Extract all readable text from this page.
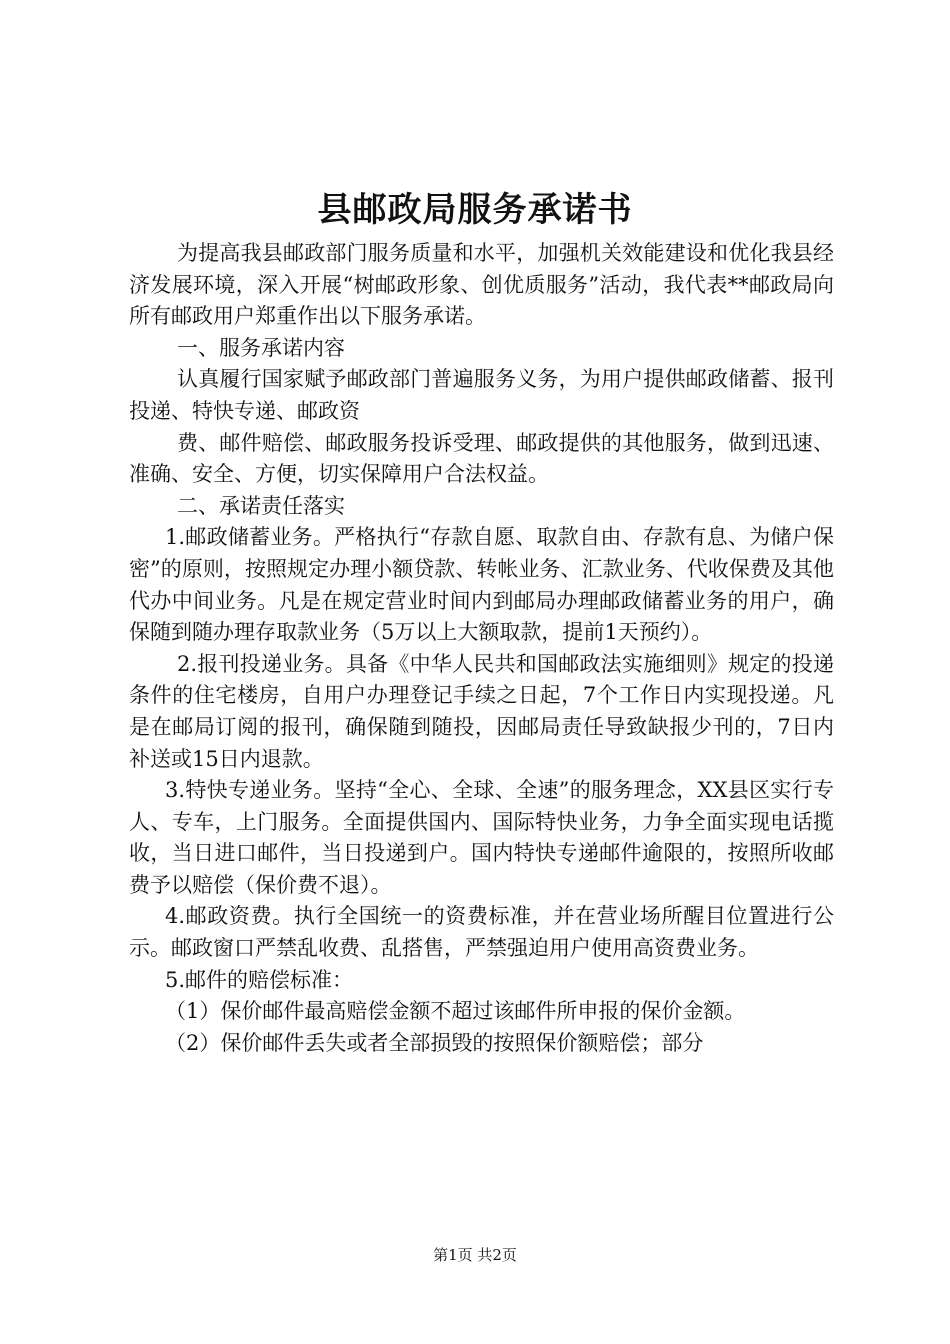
县邮政局服务承诺书

为提高我县邮政部门服务质量和水平，加强机关效能建设和优化我县经济发展环境，深入开展“树邮政形象、创优质服务”活动，我代表**邮政局向所有邮政用户郑重作出以下服务承诺。

一、服务承诺内容

认真履行国家赋予邮政部门普遍服务义务，为用户提供邮政储蓄、报刊投递、特快专递、邮政资

费、邮件赔偿、邮政服务投诉受理、邮政提供的其他服务，做到迅速、准确、安全、方便，切实保障用户合法权益。

二、承诺责任落实

1.邮政储蓄业务。严格执行“存款自愿、取款自由、存款有息、为储户保密”的原则，按照规定办理小额贷款、转帐业务、汇款业务、代收保费及其他代办中间业务。凡是在规定营业时间内到邮局办理邮政储蓄业务的用户，确保随到随办理存取款业务（5万以上大额取款，提前1天预约）。

2.报刊投递业务。具备《中华人民共和国邮政法实施细则》规定的投递条件的住宅楼房，自用户办理登记手续之日起，7个工作日内实现投递。凡是在邮局订阅的报刊，确保随到随投，因邮局责任导致缺报少刊的，7日内补送或15日内退款。

3.特快专递业务。坚持“全心、全球、全速”的服务理念，XX县区实行专人、专车，上门服务。全面提供国内、国际特快业务，力争全面实现电话揽收，当日进口邮件，当日投递到户。国内特快专递邮件逾限的，按照所收邮费予以赔偿（保价费不退）。

4.邮政资费。执行全国统一的资费标准，并在营业场所醒目位置进行公示。邮政窗口严禁乱收费、乱搭售，严禁强迫用户使用高资费业务。

5.邮件的赔偿标准：

（1）保价邮件最高赔偿金额不超过该邮件所申报的保价金额。

（2）保价邮件丢失或者全部损毁的按照保价额赔偿；部分

第1页 共2页
